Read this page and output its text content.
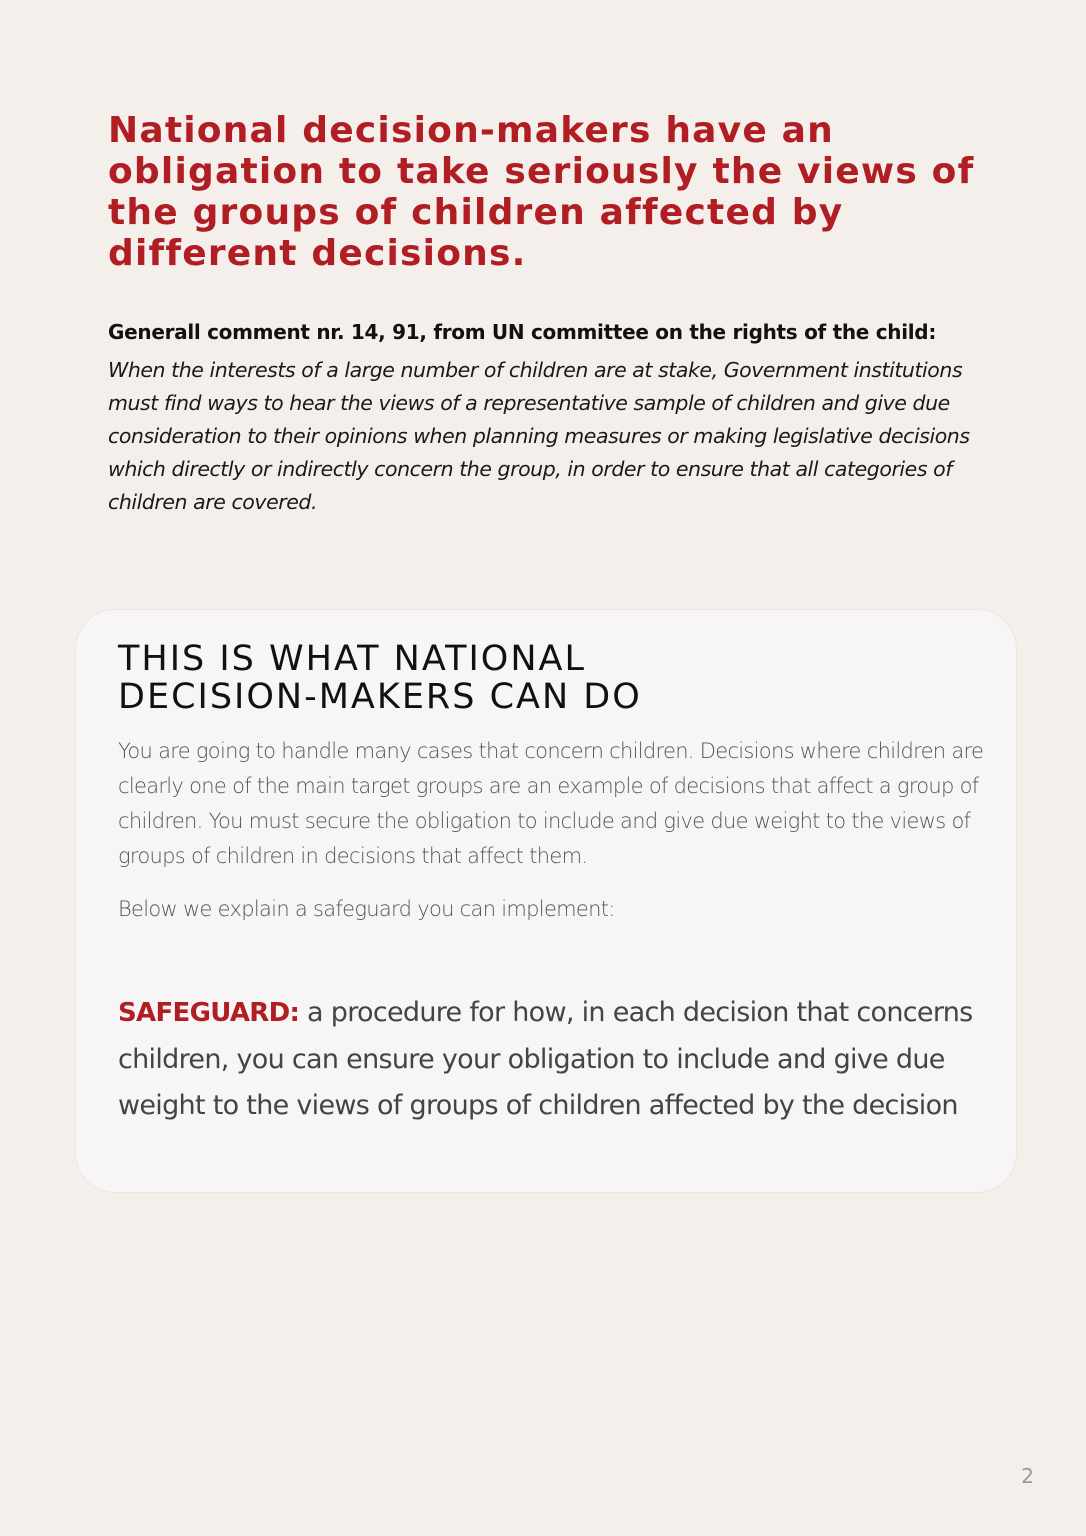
National decision-makers have an obligation to take seriously the views of the groups of children affected by different decisions.

Generall comment nr. 14, 91, from UN committee on the rights of the child:

When the interests of a large number of children are at stake, Government institutions must find ways to hear the views of a representative sample of children and give due consideration to their opinions when planning measures or making legislative decisions which directly or indirectly concern the group, in order to ensure that all categories of children are covered.

THIS IS WHAT NATIONAL
DECISION-MAKERS CAN DO

You are going to handle many cases that concern children. Decisions where children are clearly one of the main target groups are an example of decisions that affect a group of children. You must secure the obligation to include and give due weight to the views of groups of children in decisions that affect them.

Below we explain a safeguard you can implement:

SAFEGUARD: a procedure for how, in each decision that concerns children, you can ensure your obligation to include and give due weight to the views of groups of children affected by the decision

2
